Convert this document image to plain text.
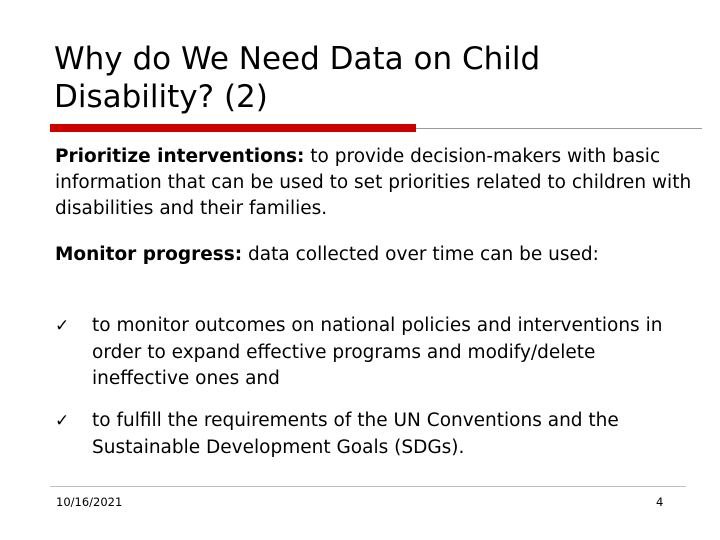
Why do We Need Data on Child Disability? (2)

Prioritize interventions: to provide decision-makers with basic information that can be used to set priorities related to children with disabilities and their families.

Monitor progress: data collected over time can be used:

✓	to monitor outcomes on national policies and interventions in order to expand effective programs and modify/delete ineffective ones and
✓	to fulfill the requirements of the UN Conventions and the Sustainable Development Goals (SDGs).
10/16/2021	4
